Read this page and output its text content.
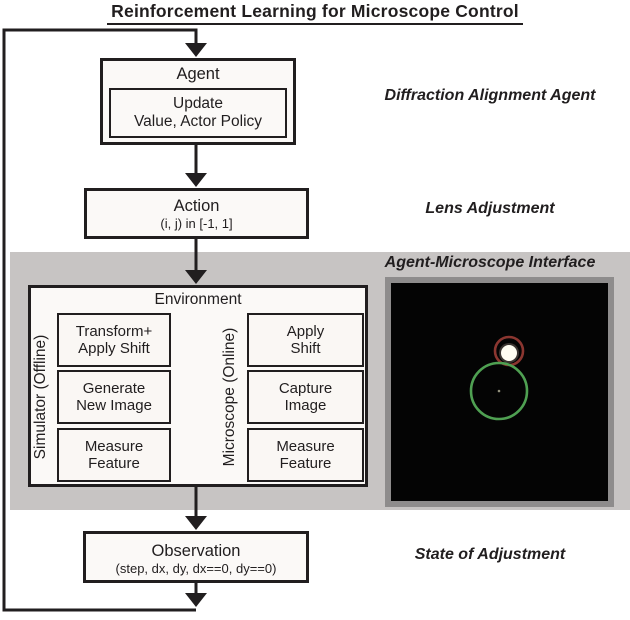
Reinforcement Learning for Microscope Control
Agent
Update
Value, Actor Policy
Action
(i, j) in [-1, 1]
Environment
Simulator (Offline)	Microscope (Online)
Transform+
Apply Shift
Generate
New Image
Measure
Feature
Apply
Shift
Capture
Image
Measure
Feature
Observation
(step, dx, dy, dx==0, dy==0)
Diffraction Alignment Agent
Lens Adjustment
Agent-Microscope Interface
State of Adjustment
